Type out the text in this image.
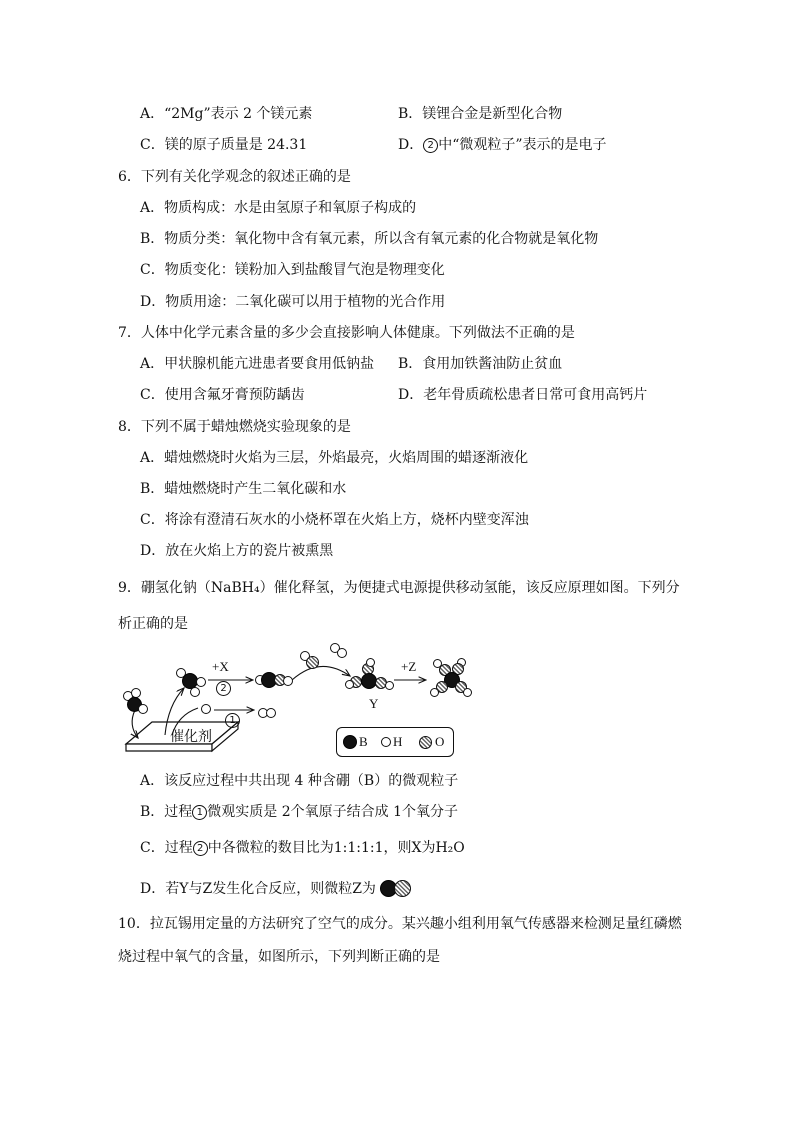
A．“2Mg”表示 2 个镁元素	B．镁锂合金是新型化合物
C．镁的原子质量是 24.31	D． 2 中“微观粒子”表示的是电子
6．下列有关化学观念的叙述正确的是
A．物质构成：水是由氢原子和氧原子构成的
B．物质分类：氧化物中含有氧元素，所以含有氧元素的化合物就是氧化物
C．物质变化：镁粉加入到盐酸冒气泡是物理变化
D．物质用途：二氧化碳可以用于植物的光合作用
7．人体中化学元素含量的多少会直接影响人体健康。下列做法不正确的是
A．甲状腺机能亢进患者要食用低钠盐 B．食用加铁酱油防止贫血
C．使用含氟牙膏预防龋齿	D．老年骨质疏松患者日常可食用高钙片
8．下列不属于蜡烛燃烧实验现象的是
A．蜡烛燃烧时火焰为三层，外焰最亮，火焰周围的蜡逐渐液化
B．蜡烛燃烧时产生二氧化碳和水
C．将涂有澄清石灰水的小烧杯罩在火焰上方，烧杯内壁变浑浊
D．放在火焰上方的瓷片被熏黑
9．硼氢化钠（NaBH₄）催化释氢，为便捷式电源提供移动氢能，该反应原理如图。下列分
析正确的是
Y
+X
2
1
+Z
催化剂	B H	O
A．该反应过程中共出现 4 种含硼（B）的微观粒子
B．过程 1 微观实质是 2个氧原子结合成 1个氧分子
C．过程 2 中各微粒的数目比为1:1:1:1，则X为H₂O
D．若Y与Z发生化合反应，则微粒Z为
10．拉瓦锡用定量的方法研究了空气的成分。某兴趣小组利用氧气传感器来检测足量红磷燃
烧过程中氧气的含量，如图所示，下列判断正确的是
